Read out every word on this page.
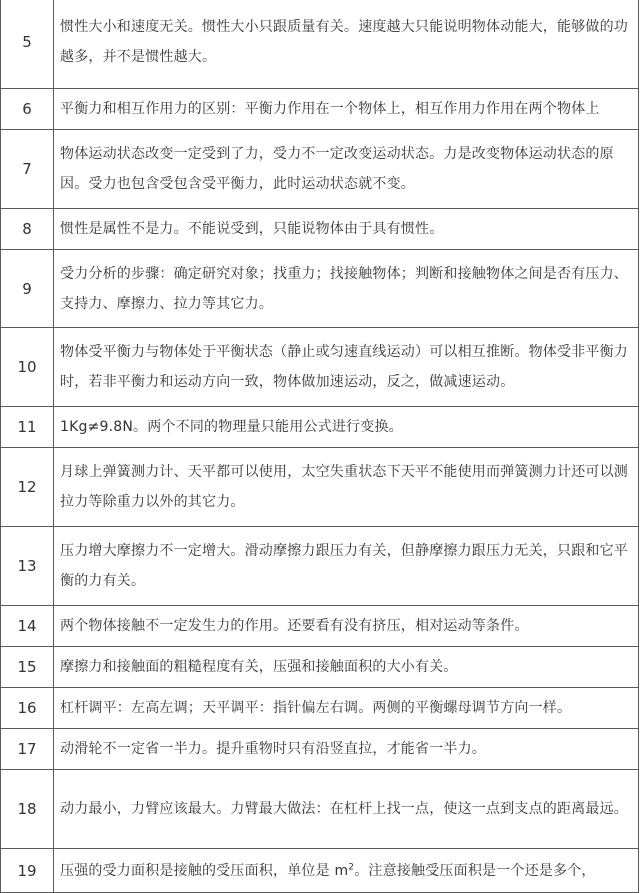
5	惯性大小和速度无关。惯性大小只跟质量有关。速度越大只能说明物体动能大，能够做的功越多，并不是惯性越大。
6	平衡力和相互作用力的区别：平衡力作用在一个物体上，相互作用力作用在两个物体上
7	物体运动状态改变一定受到了力，受力不一定改变运动状态。力是改变物体运动状态的原因。受力也包含受包含受平衡力，此时运动状态就不变。
8	惯性是属性不是力。不能说受到，只能说物体由于具有惯性。
9	受力分析的步骤：确定研究对象；找重力；找接触物体；判断和接触物体之间是否有压力、支持力、摩擦力、拉力等其它力。
10	物体受平衡力与物体处于平衡状态（静止或匀速直线运动）可以相互推断。物体受非平衡力时，若非平衡力和运动方向一致，物体做加速运动，反之，做减速运动。
11	1Kg≠9.8N。两个不同的物理量只能用公式进行变换。
12	月球上弹簧测力计、天平都可以使用，太空失重状态下天平不能使用而弹簧测力计还可以测拉力等除重力以外的其它力。
13	压力增大摩擦力不一定增大。滑动摩擦力跟压力有关，但静摩擦力跟压力无关，只跟和它平衡的力有关。
14	两个物体接触不一定发生力的作用。还要看有没有挤压，相对运动等条件。
15	摩擦力和接触面的粗糙程度有关，压强和接触面积的大小有关。
16	杠杆调平：左高左调；天平调平：指针偏左右调。两侧的平衡螺母调节方向一样。
17	动滑轮不一定省一半力。提升重物时只有沿竖直拉，才能省一半力。
18	动力最小，力臂应该最大。力臂最大做法：在杠杆上找一点，使这一点到支点的距离最远。
19	压强的受力面积是接触的受压面积，单位是 $m^2$。注意接触受压面积是一个还是多个，
